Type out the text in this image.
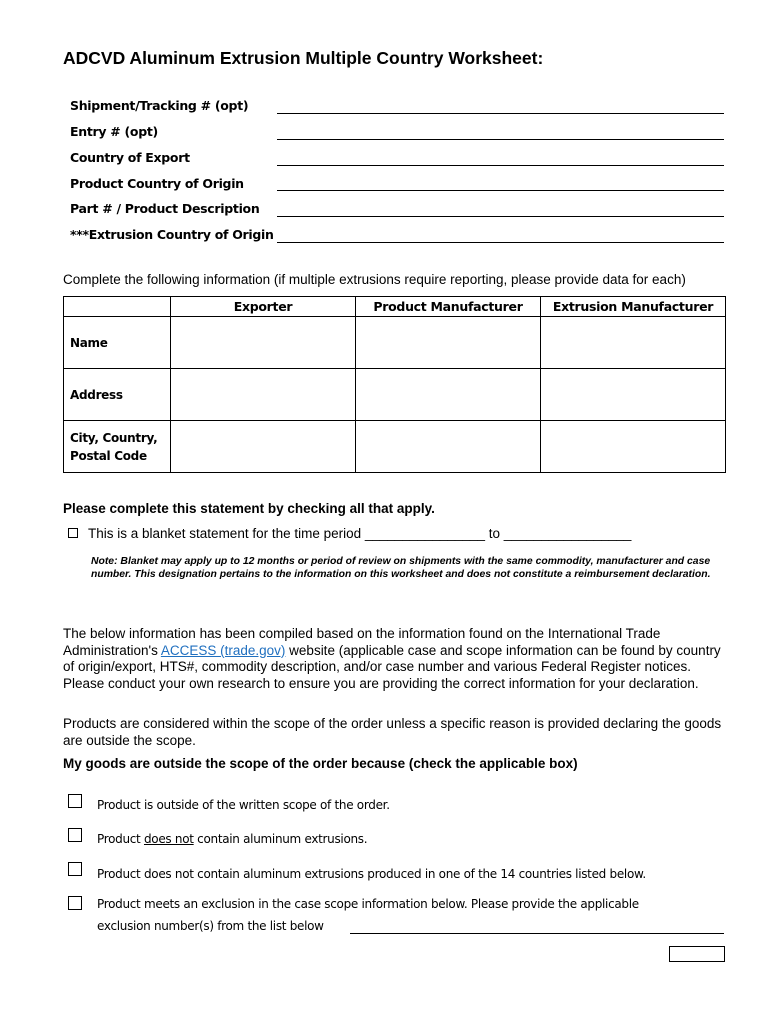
ADCVD Aluminum Extrusion Multiple Country Worksheet:
Shipment/Tracking # (opt)
Entry # (opt)
Country of Export
Product Country of Origin
Part # / Product Description
***Extrusion Country of Origin
Complete the following information (if multiple extrusions require reporting, please provide data for each)
	Exporter	Product Manufacturer	Extrusion Manufacturer
Name			
Address			
City, Country, Postal Code			
Please complete this statement by checking all that apply.
This is a blanket statement for the time period ________________ to _________________
Note: Blanket may apply up to 12 months or period of review on shipments with the same commodity, manufacturer and case number. This designation pertains to the information on this worksheet and does not constitute a reimbursement declaration.
The below information has been compiled based on the information found on the International Trade Administration's ACCESS (trade.gov) website (applicable case and scope information can be found by country of origin/export, HTS#, commodity description, and/or case number and various Federal Register notices. Please conduct your own research to ensure you are providing the correct information for your declaration.
Products are considered within the scope of the order unless a specific reason is provided declaring the goods are outside the scope.
My goods are outside the scope of the order because (check the applicable box)
Product is outside of the written scope of the order.
Product does not contain aluminum extrusions.
Product does not contain aluminum extrusions produced in one of the 14 countries listed below.
Product meets an exclusion in the case scope information below. Please provide the applicable
exclusion number(s) from the list below
